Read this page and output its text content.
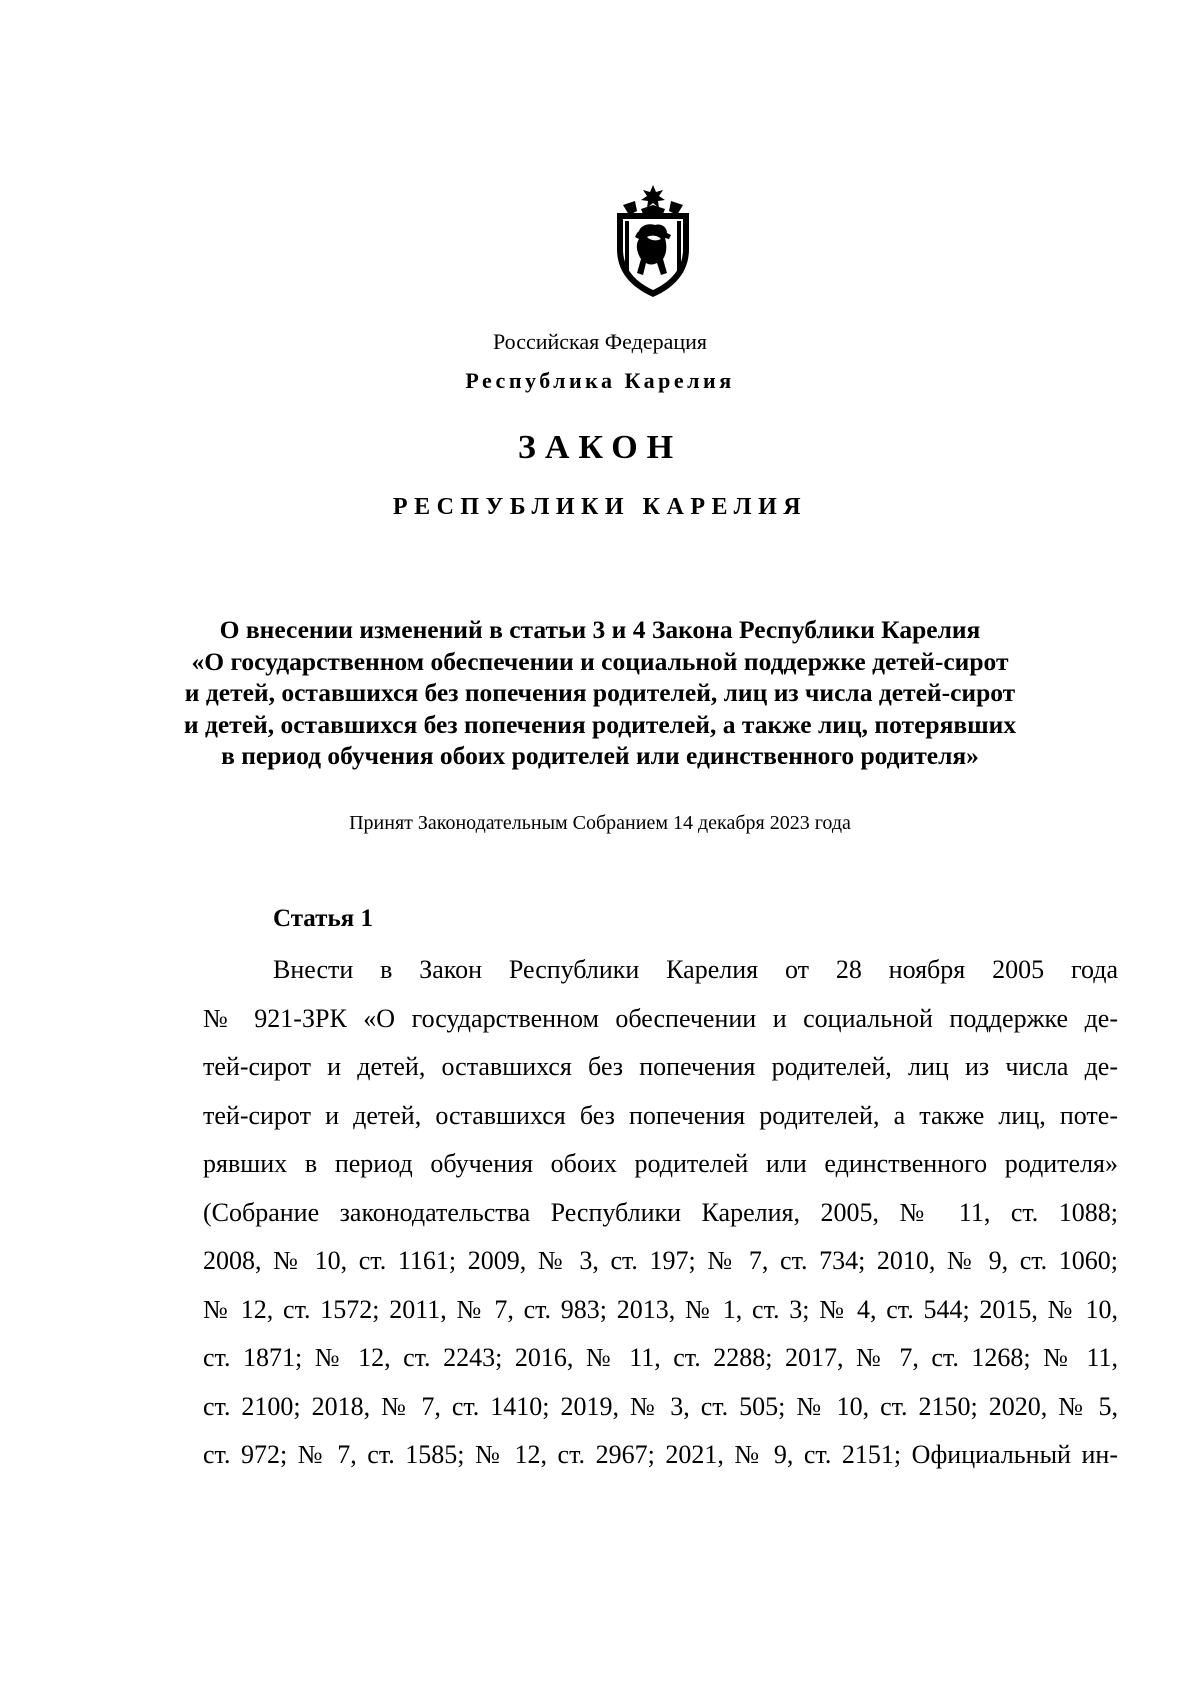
Российская Федерация
Республика Карелия
ЗАКОН
РЕСПУБЛИКИ КАРЕЛИЯ
О внесении изменений в статьи 3 и 4 Закона Республики Карелия
«О государственном обеспечении и социальной поддержке детей-сирот
и детей, оставшихся без попечения родителей, лиц из числа детей-сирот
и детей, оставшихся без попечения родителей, а также лиц, потерявших
в период обучения обоих родителей или единственного родителя»
Принят Законодательным Собранием 14 декабря 2023 года
Статья 1
Внести в Закон Республики Карелия от 28 ноября 2005 года
№ 921-ЗРК «О государственном обеспечении и социальной поддержке де-
тей-сирот и детей, оставшихся без попечения родителей, лиц из числа де-
тей-сирот и детей, оставшихся без попечения родителей, а также лиц, поте-
рявших в период обучения обоих родителей или единственного родителя»
(Собрание законодательства Республики Карелия, 2005, № 11, ст. 1088;
2008, № 10, ст. 1161; 2009, № 3, ст. 197; № 7, ст. 734; 2010, № 9, ст. 1060;
№ 12, ст. 1572; 2011, № 7, ст. 983; 2013, № 1, ст. 3; № 4, ст. 544; 2015, № 10,
ст. 1871; № 12, ст. 2243; 2016, № 11, ст. 2288; 2017, № 7, ст. 1268; № 11,
ст. 2100; 2018, № 7, ст. 1410; 2019, № 3, ст. 505; № 10, ст. 2150; 2020, № 5,
ст. 972; № 7, ст. 1585; № 12, ст. 2967; 2021, № 9, ст. 2151; Официальный ин-
